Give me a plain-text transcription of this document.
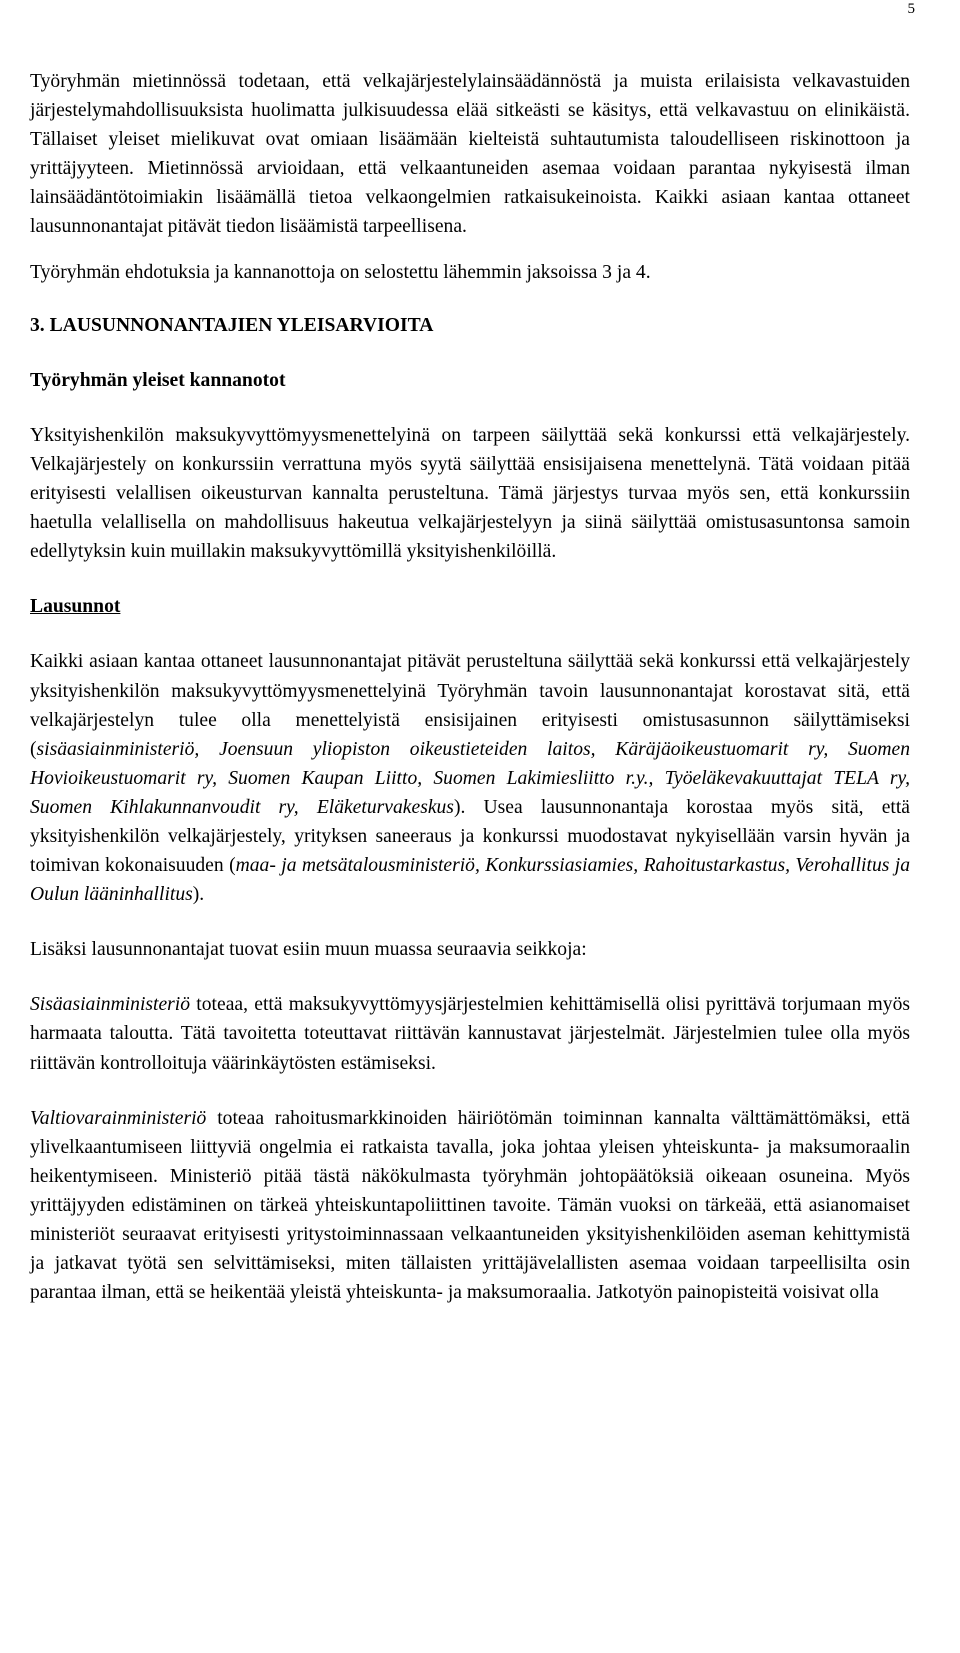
5

Työryhmän mietinnössä todetaan, että velkajärjestelylainsäädännöstä ja muista erilaisista velkavastuiden järjestelymahdollisuuksista huolimatta julkisuudessa elää sitkeästi se käsitys, että velkavastuu on elinikäistä. Tällaiset yleiset mielikuvat ovat omiaan lisäämään kielteistä suhtautumista taloudelliseen riskinottoon ja yrittäjyyteen. Mietinnössä arvioidaan, että velkaantuneiden asemaa voidaan parantaa nykyisestä ilman lainsäädäntötoimiakin lisäämällä tietoa velkaongelmien ratkaisukeinoista. Kaikki asiaan kantaa ottaneet lausunnonantajat pitävät tiedon lisäämistä tarpeellisena.

Työryhmän ehdotuksia ja kannanottoja on selostettu lähemmin jaksoissa 3 ja 4.

3. LAUSUNNONANTAJIEN YLEISARVIOITA

Työryhmän yleiset kannanotot

Yksityishenkilön maksukyvyttömyysmenettelyinä on tarpeen säilyttää sekä konkurssi että velkajärjestely. Velkajärjestely on konkurssiin verrattuna myös syytä säilyttää ensisijaisena menettelynä. Tätä voidaan pitää erityisesti velallisen oikeusturvan kannalta perusteltuna. Tämä järjestys turvaa myös sen, että konkurssiin haetulla velallisella on mahdollisuus hakeutua velkajärjestelyyn ja siinä säilyttää omistusasuntonsa samoin edellytyksin kuin muillakin maksukyvyttömillä yksityishenkilöillä.

Lausunnot

Kaikki asiaan kantaa ottaneet lausunnonantajat pitävät perusteltuna säilyttää sekä konkurssi että velkajärjestely yksityishenkilön maksukyvyttömyysmenettelyinä Työryhmän tavoin lausunnonantajat korostavat sitä, että velkajärjestelyn tulee olla menettelyistä ensisijainen erityisesti omistusasunnon säilyttämiseksi (sisäasiainministeriö, Joensuun yliopiston oikeustieteiden laitos, Käräjäoikeustuomarit ry, Suomen Hovioikeustuomarit ry, Suomen Kaupan Liitto, Suomen Lakimiesliitto r.y., Työeläkevakuuttajat TELA ry, Suomen Kihlakunnanvoudit ry, Eläketurvakeskus). Usea lausunnonantaja korostaa myös sitä, että yksityishenkilön velkajärjestely, yrityksen saneeraus ja konkurssi muodostavat nykyisellään varsin hyvän ja toimivan kokonaisuuden (maa- ja metsätalousministeriö, Konkurssiasiamies, Rahoitustarkastus, Verohallitus ja Oulun lääninhallitus).

Lisäksi lausunnonantajat tuovat esiin muun muassa seuraavia seikkoja:

Sisäasiainministeriö toteaa, että maksukyvyttömyysjärjestelmien kehittämisellä olisi pyrittävä torjumaan myös harmaata taloutta. Tätä tavoitetta toteuttavat riittävän kannustavat järjestelmät. Järjestelmien tulee olla myös riittävän kontrolloituja väärinkäytösten estämiseksi.

Valtiovarainministeriö toteaa rahoitusmarkkinoiden häiriötömän toiminnan kannalta välttämättömäksi, että ylivelkaantumiseen liittyviä ongelmia ei ratkaista tavalla, joka johtaa yleisen yhteiskunta- ja maksumoraalin heikentymiseen. Ministeriö pitää tästä näkökulmasta työryhmän johtopäätöksiä oikeaan osuneina. Myös yrittäjyyden edistäminen on tärkeä yhteiskuntapoliittinen tavoite. Tämän vuoksi on tärkeää, että asianomaiset ministeriöt seuraavat erityisesti yritystoiminnassaan velkaantuneiden yksityishenkilöiden aseman kehittymistä ja jatkavat työtä sen selvittämiseksi, miten tällaisten yrittäjävelallisten asemaa voidaan tarpeellisilta osin parantaa ilman, että se heikentää yleistä yhteiskunta- ja maksumoraalia. Jatkotyön painopisteitä voisivat olla
